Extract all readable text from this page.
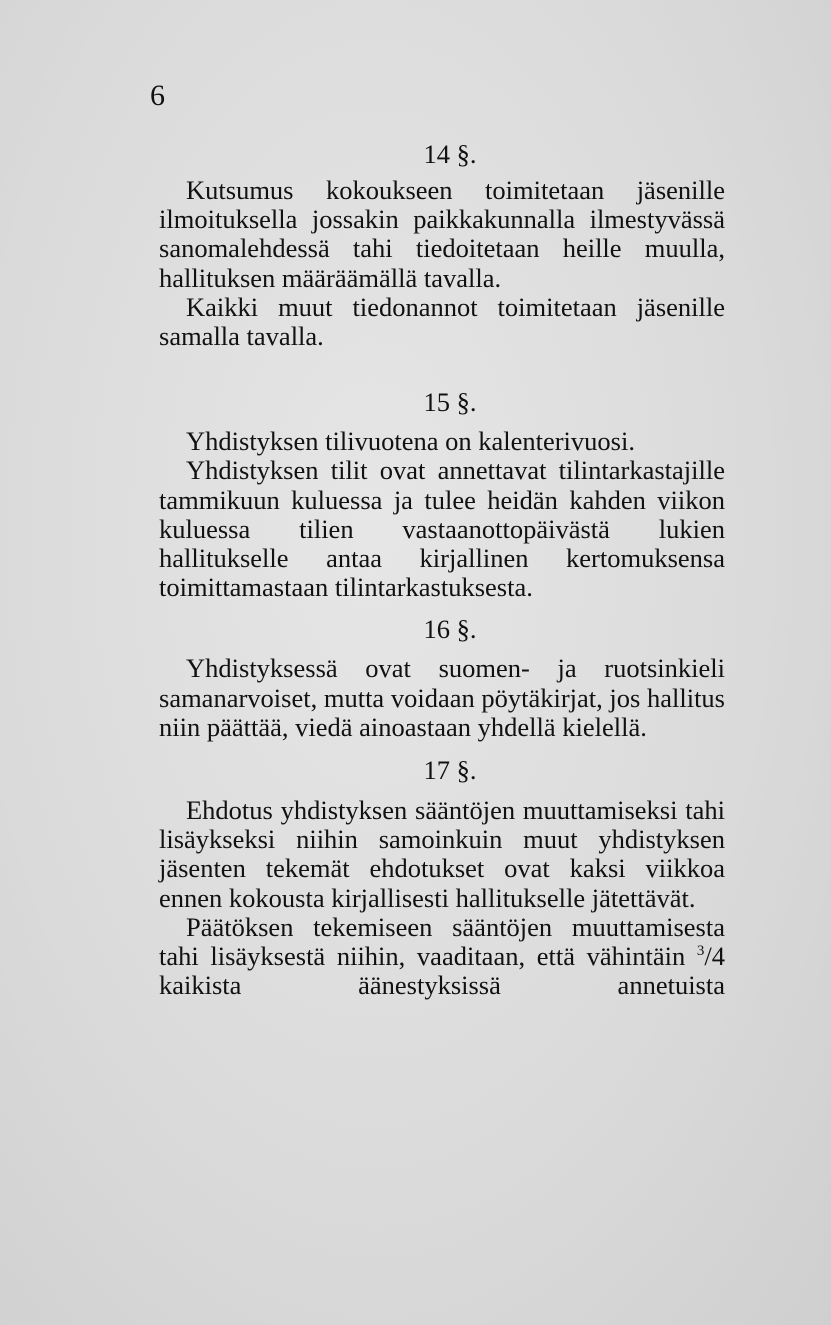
6
14 §.

Kutsumus kokoukseen toimitetaan jäsenille ilmoituksella jossakin paikkakunnalla ilmestyvässä sanomalehdessä tahi tiedoitetaan heille muulla, hallituksen määräämällä tavalla.

Kaikki muut tiedonannot toimitetaan jäsenille samalla tavalla.

15 §.

Yhdistyksen tilivuotena on kalenterivuosi.

Yhdistyksen tilit ovat annettavat tilintarkastajille tammikuun kuluessa ja tulee heidän kahden viikon kuluessa tilien vastaanottopäivästä lukien hallitukselle antaa kirjallinen kertomuksensa toimittamastaan tilintarkastuksesta.

16 §.

Yhdistyksessä ovat suomen- ja ruotsinkieli samanarvoiset, mutta voidaan pöytäkirjat, jos hallitus niin päättää, viedä ainoastaan yhdellä kielellä.

17 §.

Ehdotus yhdistyksen sääntöjen muuttamiseksi tahi lisäykseksi niihin samoinkuin muut yhdistyksen jäsenten tekemät ehdotukset ovat kaksi viikkoa ennen kokousta kirjallisesti hallitukselle jätettävät.

Päätöksen tekemiseen sääntöjen muuttamisesta tahi lisäyksestä niihin, vaaditaan, että vähintäin $^3$/4 kaikista äänestyksissä annetuista
